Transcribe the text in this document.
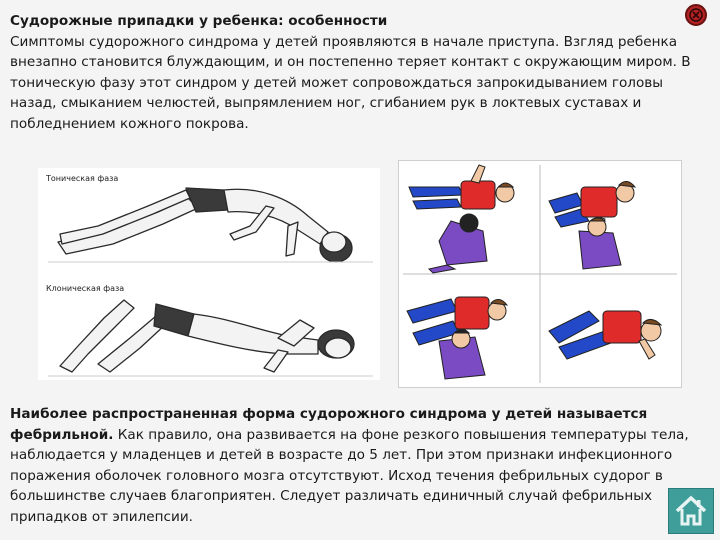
Судорожные припадки у ребенка: особенности
Симптомы судорожного синдрома у детей проявляются в начале приступа. Взгляд ребенка внезапно становится блуждающим, и он постепенно теряет контакт с окружающим миром. В тоническую фазу этот синдром у детей может сопровождаться запрокидыванием головы назад, смыканием челюстей, выпрямлением ног, сгибанием рук в локтевых суставах и побледнением кожного покрова.

Тоническая фаза
Клоническая фаза

Наиболее распространенная форма судорожного синдрома у детей называется фебрильной. Как правило, она развивается на фоне резкого повышения температуры тела, наблюдается у младенцев и детей в возрасте до 5 лет. При этом признаки инфекционного поражения оболочек головного мозга отсутствуют. Исход течения фебрильных судорог в большинстве случаев благоприятен. Следует различать единичный случай фебрильных припадков от эпилепсии.
